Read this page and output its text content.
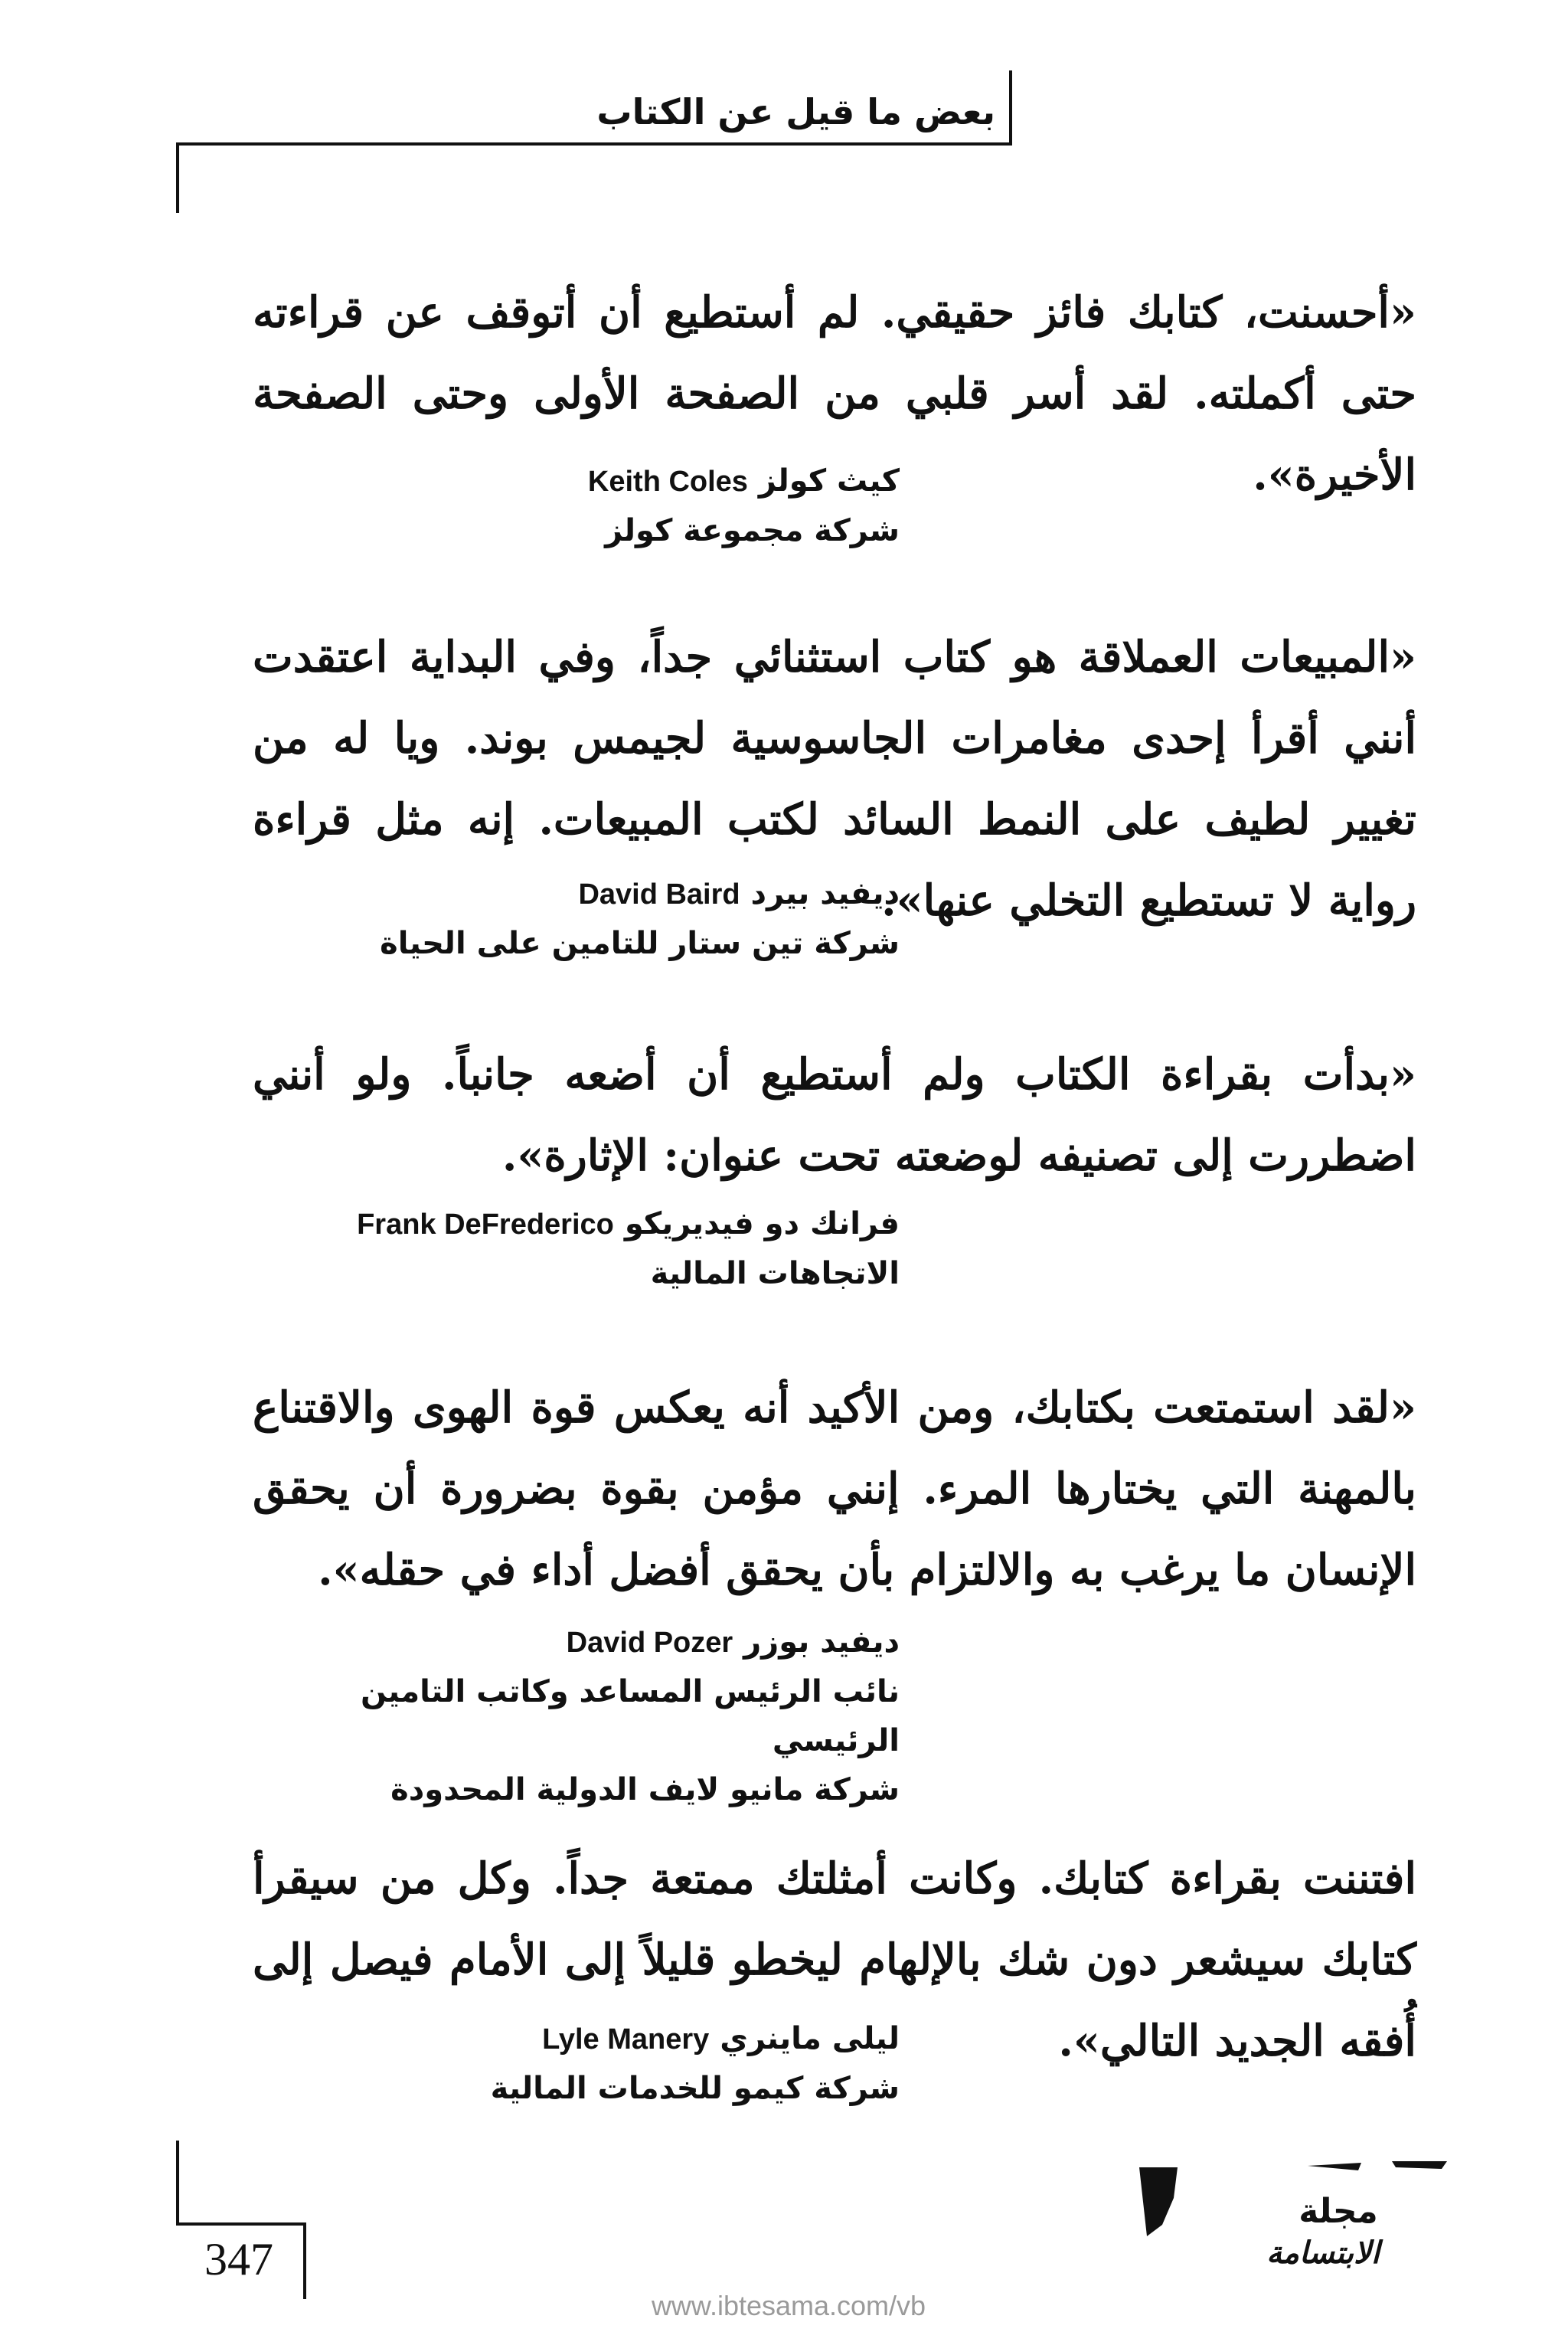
بعض ما قيل عن الكتاب

«أحسنت، كتابك فائز حقيقي. لم أستطيع أن أتوقف عن قراءته حتى أكملته. لقد أسر قلبي من الصفحة الأولى وحتى الصفحة الأخيرة».

كيث كولز Keith Coles
شركة مجموعة كولز

«المبيعات العملاقة هو كتاب استثنائي جداً، وفي البداية اعتقدت أنني أقرأ إحدى مغامرات الجاسوسية لجيمس بوند. ويا له من تغيير لطيف على النمط السائد لكتب المبيعات. إنه مثل قراءة رواية لا تستطيع التخلي عنها».

ديفيد بيرد David Baird
شركة تين ستار للتامين على الحياة

«بدأت بقراءة الكتاب ولم أستطيع أن أضعه جانباً. ولو أنني اضطررت إلى تصنيفه لوضعته تحت عنوان: الإثارة».

فرانك دو فيديريكو Frank DeFrederico
الاتجاهات المالية

«لقد استمتعت بكتابك، ومن الأكيد أنه يعكس قوة الهوى والاقتناع بالمهنة التي يختارها المرء. إنني مؤمن بقوة بضرورة أن يحقق الإنسان ما يرغب به والالتزام بأن يحقق أفضل أداء في حقله».

ديفيد بوزر David Pozer
نائب الرئيس المساعد وكاتب التامين الرئيسي
شركة مانيو لايف الدولية المحدودة

افتننت بقراءة كتابك. وكانت أمثلتك ممتعة جداً. وكل من سيقرأ كتابك سيشعر دون شك بالإلهام ليخطو قليلاً إلى الأمام فيصل إلى أُفقه الجديد التالي».

ليلى ماينري Lyle Manery
شركة كيمو للخدمات المالية
347
مجلة
الابتسامة
www.ibtesama.com/vb
